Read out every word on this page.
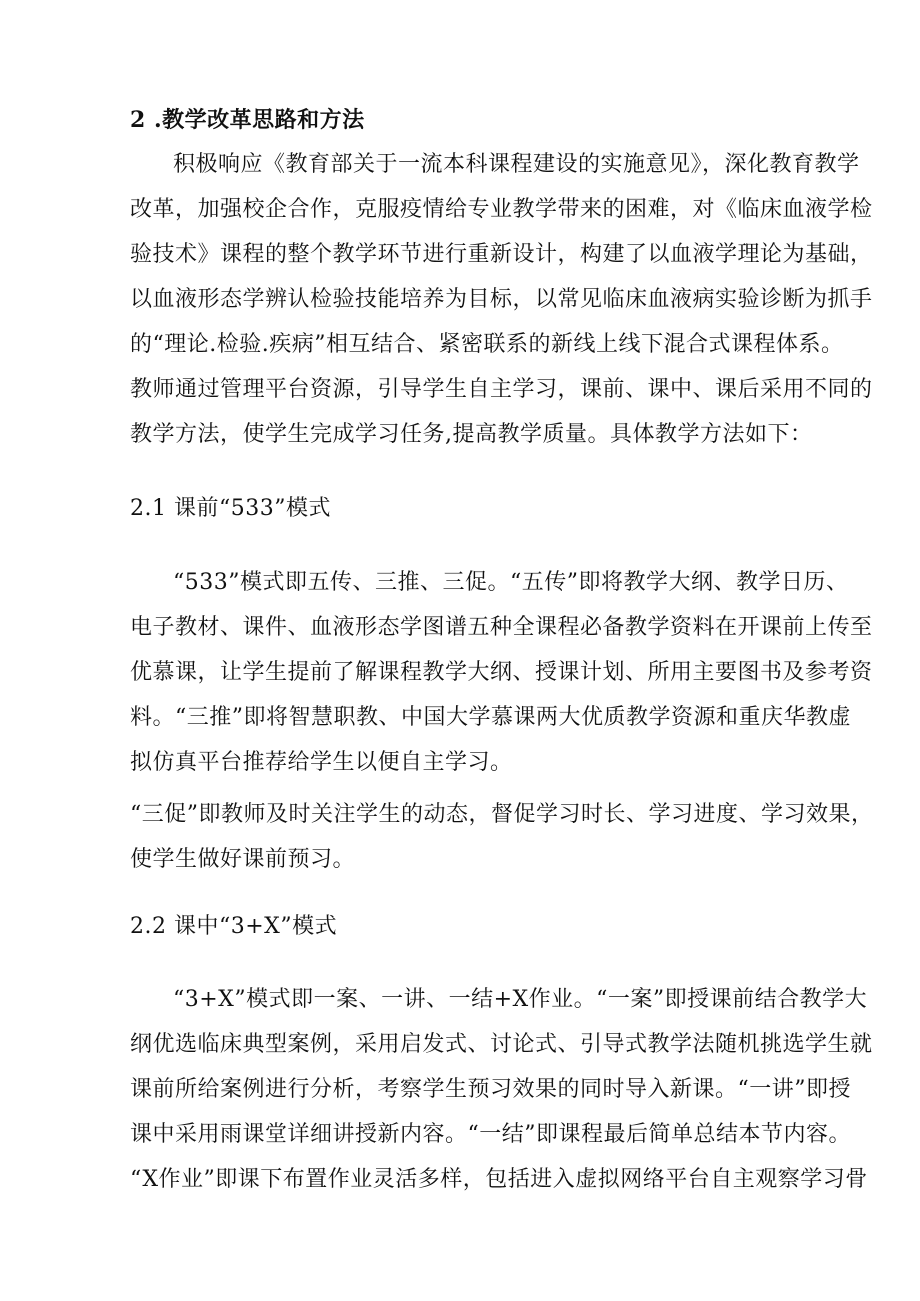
2 .教学改革思路和方法
积极响应《教育部关于一流本科课程建设的实施意见》，深化教育教学
改革，加强校企合作，克服疫情给专业教学带来的困难，对《临床血液学检
验技术》课程的整个教学环节进行重新设计，构建了以血液学理论为基础，
以血液形态学辨认检验技能培养为目标，以常见临床血液病实验诊断为抓手
的“理论.检验.疾病”相互结合、紧密联系的新线上线下混合式课程体系。
教师通过管理平台资源，引导学生自主学习，课前、课中、课后采用不同的
教学方法，使学生完成学习任务,提高教学质量。具体教学方法如下：
2.1 课前“533”模式
“533”模式即五传、三推、三促。“五传”即将教学大纲、教学日历、
电子教材、课件、血液形态学图谱五种全课程必备教学资料在开课前上传至
优慕课，让学生提前了解课程教学大纲、授课计划、所用主要图书及参考资
料。“三推”即将智慧职教、中国大学慕课两大优质教学资源和重庆华教虚
拟仿真平台推荐给学生以便自主学习。
“三促”即教师及时关注学生的动态，督促学习时长、学习进度、学习效果，
使学生做好课前预习。
2.2 课中“3+X”模式
“3+X”模式即一案、一讲、一结+X作业。“一案”即授课前结合教学大
纲优选临床典型案例，采用启发式、讨论式、引导式教学法随机挑选学生就
课前所给案例进行分析，考察学生预习效果的同时导入新课。“一讲”即授
课中采用雨课堂详细讲授新内容。“一结”即课程最后简单总结本节内容。
“X作业”即课下布置作业灵活多样，包括进入虚拟网络平台自主观察学习骨
